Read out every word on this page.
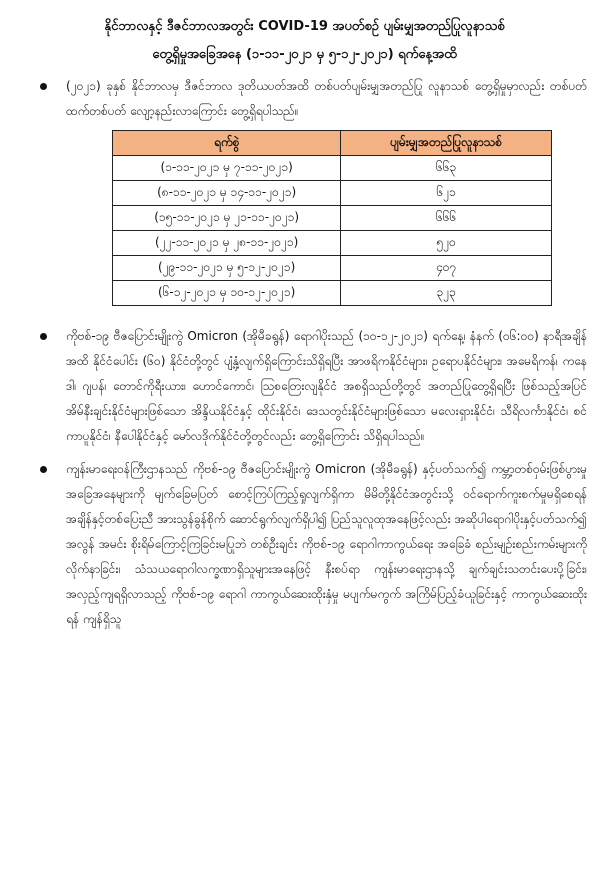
နိုင်ဘာလနှင့် ဒီဇင်ဘာလအတွင်း COVID-19 အပတ်စဉ် ပျမ်းမျှအတည်ပြုလူနာသစ်

တွေ့ရှိမှုအခြေအနေ (၁-၁၁-၂၀၂၁ မှ ၅-၁၂-၂၀၂၁) ရက်နေ့အထိ

(၂၀၂၁) ခုနှစ် နိုင်ဘာလမှ ဒီဇင်ဘာလ ဒုတိယပတ်အထိ တစ်ပတ်ပျမ်းမျှအတည်ပြု လူနာသစ် တွေ့ရှိမှုမှာလည်း တစ်ပတ်ထက်တစ်ပတ် လျော့နည်းလာကြောင်း တွေ့ရှိရပါသည်။
ရက်စွဲ	ပျမ်းမျှအတည်ပြုလူနာသစ်
(၁-၁၁-၂၀၂၁ မှ ၇-၁၁-၂၀၂၁)	၆၆၃
(၈-၁၁-၂၀၂၁ မှ ၁၄-၁၁-၂၀၂၁)	၆၂၁
(၁၅-၁၁-၂၀၂၁ မှ ၂၁-၁၁-၂၀၂၁)	၆၆၆
(၂၂-၁၁-၂၀၂၁ မှ ၂၈-၁၁-၂၀၂၁)	၅၂၀
(၂၉-၁၁-၂၀၂၁ မှ ၅-၁၂-၂၀၂၁)	၄၀၇
(၆-၁၂-၂၀၂၁ မှ ၁၀-၁၂-၂၀၂၁)	၃၂၃
ကိုဗစ်-၁၉ ဗီဇပြောင်းမျိုးကွဲ Omicron (အိုမီခရွန်) ရောဂါပိုးသည် (၁၀-၁၂-၂၀၂၁) ရက်နေ့၊ နံနက် (၀၆:၀၀) နာရီအချိန်အထိ နိုင်ငံပေါင်း (၆၀) နိုင်ငံတို့တွင် ပျံ့နှံ့လျက်ရှိကြောင်းသိရှိရပြီး အာဖရိကနိုင်ငံများ၊ ဥရောပနိုင်ငံများ၊ အမေရိကန်၊ ကနေဒါ၊ ဂျပန်၊ တောင်ကိုရီးယား၊ ဟောင်ကောင်၊ ဩစတြေးလျနိုင်ငံ အစရှိသည်တို့တွင် အတည်ပြုတွေ့ရှိရပြီး ဖြစ်သည့်အပြင် အိမ်နီးချင်းနိုင်ငံများဖြစ်သော အိန္ဒိယနိုင်ငံနှင့် ထိုင်းနိုင်ငံ၊ ဒေသတွင်းနိုင်ငံများဖြစ်သော မလေးရှားနိုင်ငံ၊ သီရိလင်္ကာနိုင်ငံ၊ စင်ကာပူနိုင်ငံ၊ နီပေါနိုင်ငံနှင့် မော်လဒိုက်နိုင်ငံတို့တွင်လည်း တွေ့ရှိကြောင်း သိရှိရပါသည်။
ကျန်းမာရေးဝန်ကြီးဌာနသည် ကိုဗစ်-၁၉ ဗီဇပြောင်းမျိုးကွဲ Omicron (အိုမီခရွန်) နှင့်ပတ်သက်၍ ကမ္ဘာ့တစ်ဝှမ်းဖြစ်ပွားမှု အခြေအနေများကို မျက်ခြေမပြတ် စောင့်ကြပ်ကြည့်ရှုလျက်ရှိကာ မိမိတို့နိုင်ငံအတွင်းသို့ ဝင်ရောက်ကူးစက်မှုမရှိစေရန် အချိန်နှင့်တစ်ပြေးညီ အားသွန်ခွန်စိုက် ဆောင်ရွက်လျက်ရှိပါ၍ ပြည်သူလူထုအနေဖြင့်လည်း အဆိုပါရောဂါပိုးနှင့်ပတ်သက်၍ အလွန် အမင်း စိုးရိမ်ကြောင့်ကြခြင်းမပြုဘဲ တစ်ဦးချင်း ကိုဗစ်-၁၉ ရောဂါကာကွယ်ရေး အခြေခံ စည်းမျဉ်းစည်းကမ်းများကို လိုက်နာခြင်း၊ သံသယရောဂါလက္ခဏာရှိသူများအနေဖြင့် နီးစပ်ရာ ကျန်းမာရေးဌာနသို့ ချက်ချင်းသတင်းပေးပို့ခြင်း၊ အလှည့်ကျရရှိလာသည့် ကိုဗစ်-၁၉ ရောဂါ ကာကွယ်ဆေးထိုးနှံမှု မပျက်မကွက် အကြိမ်ပြည့်ခံယူခြင်းနှင့် ကာကွယ်ဆေးထိုးရန် ကျန်ရှိသူ
